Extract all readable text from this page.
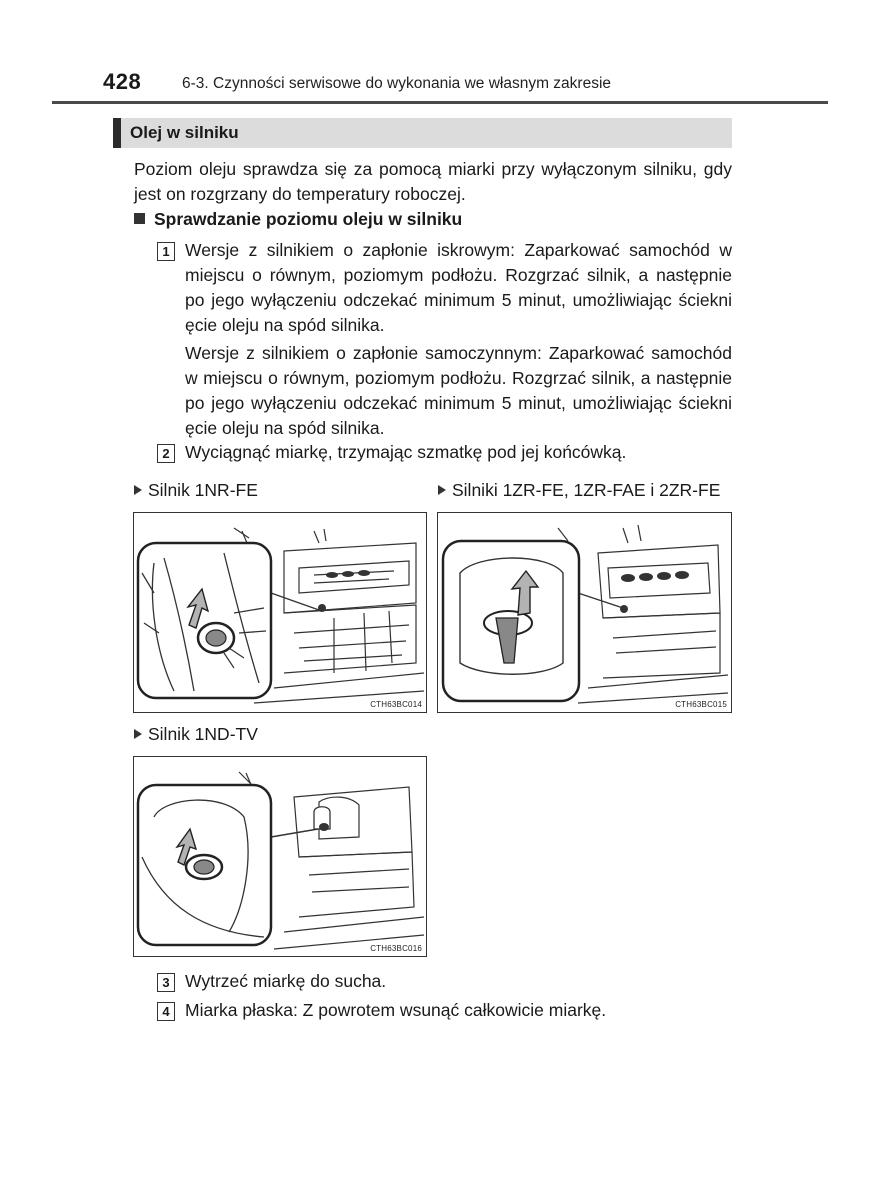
428	6-3. Czynności serwisowe do wykonania we własnym zakresie
Olej w silniku
Poziom oleju sprawdza się za pomocą miarki przy wyłączonym silniku, gdy jest on rozgrzany do temperatury roboczej.
Sprawdzanie poziomu oleju w silniku
1 Wersje z silnikiem o zapłonie iskrowym: Zaparkować samochód w miejscu o równym, poziomym podłożu. Rozgrzać silnik, a następnie po jego wyłączeniu odczekać minimum 5 minut, umożliwiając ściekni ęcie oleju na spód silnika.
Wersje z silnikiem o zapłonie samoczynnym: Zaparkować samochód w miejscu o równym, poziomym podłożu. Rozgrzać silnik, a następnie po jego wyłączeniu odczekać minimum 5 minut, umożliwiając ściekni ęcie oleju na spód silnika.
2 Wyciągnąć miarkę, trzymając szmatkę pod jej końcówką.
Silnik 1NR-FE	Silniki 1ZR-FE, 1ZR-FAE i 2ZR-FE
CTH63BC014	CTH63BC015
Silnik 1ND-TV
CTH63BC016
3 Wytrzeć miarkę do sucha.
4 Miarka płaska: Z powrotem wsunąć całkowicie miarkę.
